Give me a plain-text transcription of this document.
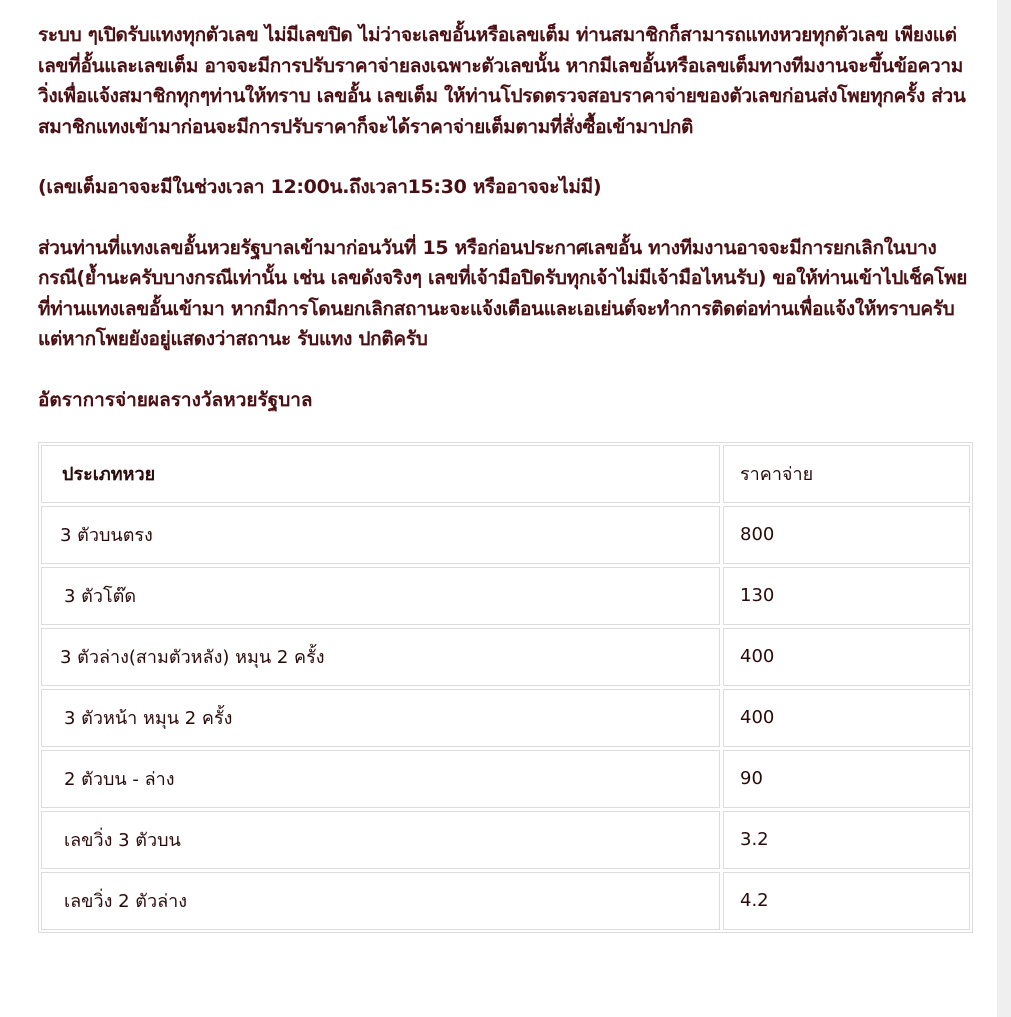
ระบบ ๆเปิดรับแทงทุกตัวเลข ไม่มีเลขปิด ไม่ว่าจะเลขอั้นหรือเลขเต็ม ท่านสมาชิกก็สามารถแทงหวยทุกตัวเลข เพียงแต่เลขที่อั้นและเลขเต็ม อาจจะมีการปรับราคาจ่ายลงเฉพาะตัวเลขนั้น หากมีเลขอั้นหรือเลขเต็มทางทีมงานจะขึ้นข้อความวิ่งเพื่อแจ้งสมาชิกทุกๆท่านให้ทราบ เลขอั้น เลขเต็ม ให้ท่านโปรดตรวจสอบราคาจ่ายของตัวเลขก่อนส่งโพยทุกครั้ง ส่วนสมาชิกแทงเข้ามาก่อนจะมีการปรับราคาก็จะได้ราคาจ่ายเต็มตามที่สั่งซื้อเข้ามาปกติ

(เลขเต็มอาจจะมีในช่วงเวลา 12:00น.ถึงเวลา15:30 หรืออาจจะไม่มี)

ส่วนท่านที่แทงเลขอั้นหวยรัฐบาลเข้ามาก่อนวันที่ 15 หรือก่อนประกาศเลขอั้น ทางทีมงานอาจจะมีการยกเลิกในบางกรณี(ย้ำนะครับบางกรณีเท่านั้น เช่น เลขดังจริงๆ เลขที่เจ้ามือปิดรับทุกเจ้าไม่มีเจ้ามือไหนรับ) ขอให้ท่านเข้าไปเช็คโพยที่ท่านแทงเลขอั้นเข้ามา หากมีการโดนยกเลิกสถานะจะแจ้งเตือนและเอเย่นต์จะทำการติดต่อท่านเพื่อแจ้งให้ทราบครับ แต่หากโพยยังอยู่แสดงว่าสถานะ รับแทง ปกติครับ

อัตราการจ่ายผลรางวัลหวยรัฐบาล
ประเภทหวย	ราคาจ่าย
3 ตัวบนตรง	800
3 ตัวโต๊ด	130
3 ตัวล่าง(สามตัวหลัง) หมุน 2 ครั้ง	400
3 ตัวหน้า หมุน 2 ครั้ง	400
2 ตัวบน - ล่าง	90
เลขวิ่ง 3 ตัวบน	3.2
เลขวิ่ง 2 ตัวล่าง	4.2
